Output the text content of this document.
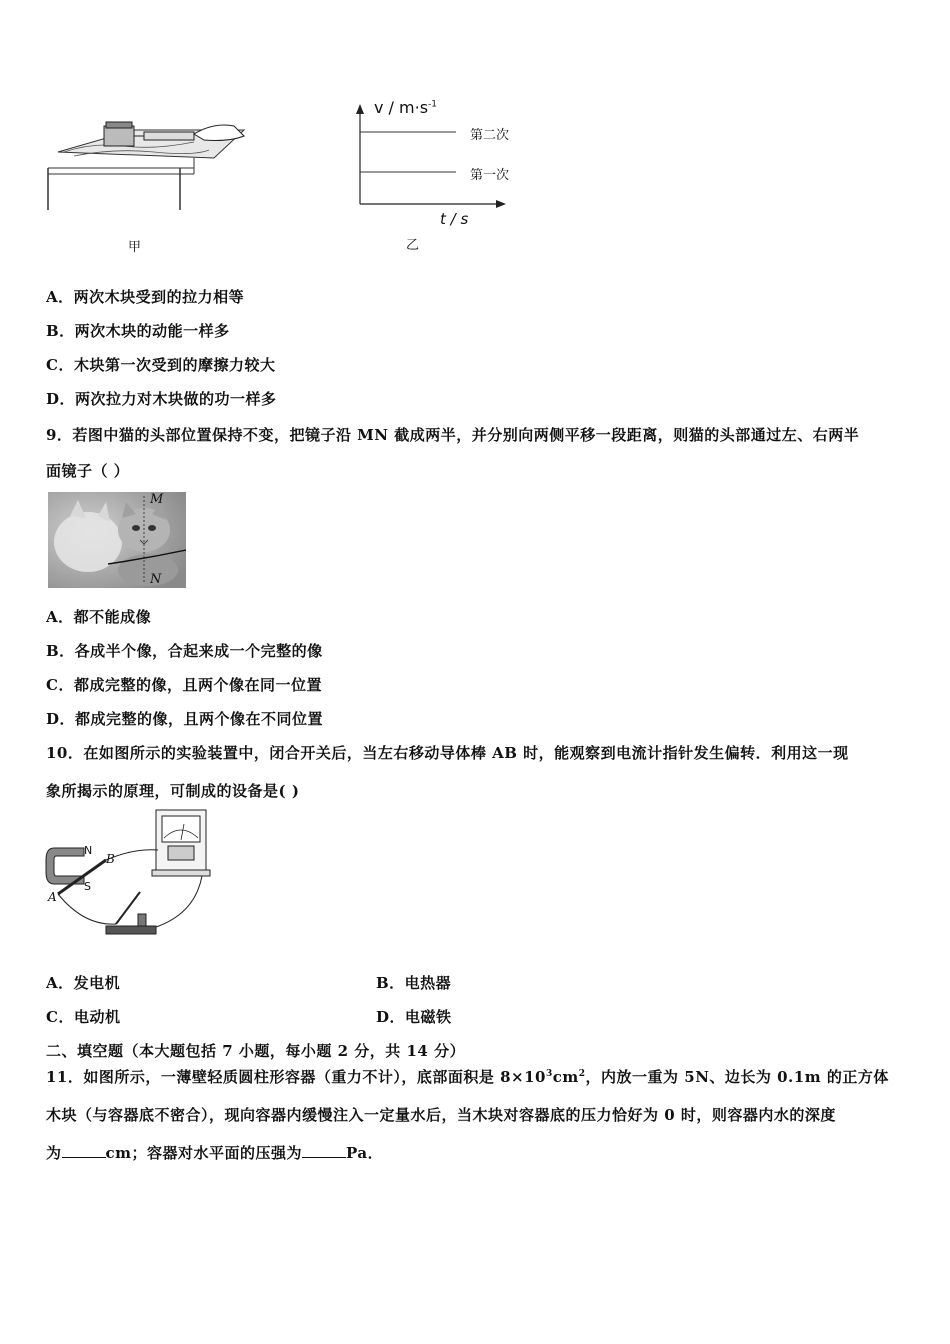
甲
$v / m\cdot s^{-1}$
第二次
第一次
t / s
乙
A．两次木块受到的拉力相等
B．两次木块的动能一样多
C．木块第一次受到的摩擦力较大
D．两次拉力对木块做的功一样多
9．若图中猫的头部位置保持不变，把镜子沿 MN 截成两半，并分别向两侧平移一段距离，则猫的头部通过左、右两半
面镜子（ ）
M
N
A．都不能成像
B．各成半个像，合起来成一个完整的像
C．都成完整的像，且两个像在同一位置
D．都成完整的像，且两个像在不同位置
10．在如图所示的实验装置中，闭合开关后，当左右移动导体棒 AB 时，能观察到电流计指针发生偏转．利用这一现
象所揭示的原理，可制成的设备是( )
N
S
A
B
A．发电机	B．电热器
C．电动机	D．电磁铁
二、填空题（本大题包括 7 小题，每小题 2 分，共 14 分）
11．如图所示，一薄壁轻质圆柱形容器（重力不计），底部面积是 $8\times 10^3cm^2$，内放一重为 5N、边长为 0.1m 的正方体
木块（与容器底不密合），现向容器内缓慢注入一定量水后，当木块对容器底的压力恰好为 0 时，则容器内水的深度
为	cm；容器对水平面的压强为	Pa．
